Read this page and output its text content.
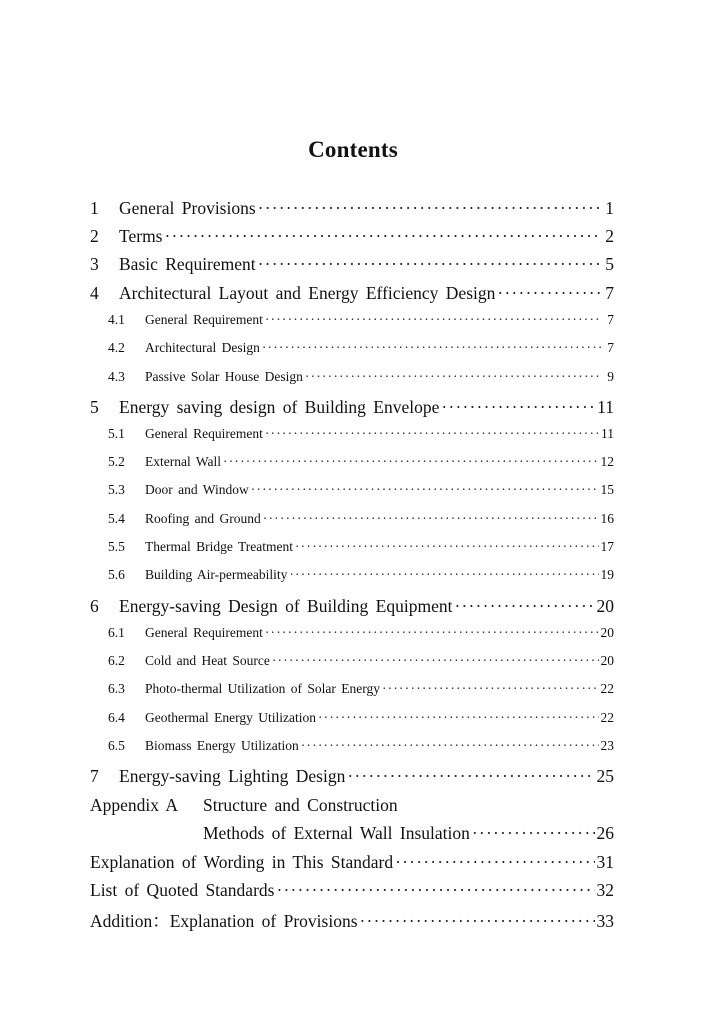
Contents
1	General Provisions ·····	1
2	Terms ·····	2
3	Basic Requirement ·····	5
4	Architectural Layout and Energy Efficiency Design ·····	7
4.1	General Requirement ·····	7
4.2	Architectural Design ·····	7
4.3	Passive Solar House Design ·····	9
5	Energy saving design of Building Envelope ·····	11
5.1	General Requirement ·····	11
5.2	External Wall ·····	12
5.3	Door and Window ·····	15
5.4	Roofing and Ground ·····	16
5.5	Thermal Bridge Treatment ·····	17
5.6	Building Air-permeability ·····	19
6	Energy-saving Design of Building Equipment ·····	20
6.1	General Requirement ·····	20
6.2	Cold and Heat Source ·····	20
6.3	Photo-thermal Utilization of Solar Energy ·····	22
6.4	Geothermal Energy Utilization ·····	22
6.5	Biomass Energy Utilization ·····	23
7	Energy-saving Lighting Design ·····	25
Appendix A Structure and Construction
Methods of External Wall Insulation ·····	26
Explanation of Wording in This Standard ·····	31
List of Quoted Standards ·····	32
Addition：Explanation of Provisions ·····	33
